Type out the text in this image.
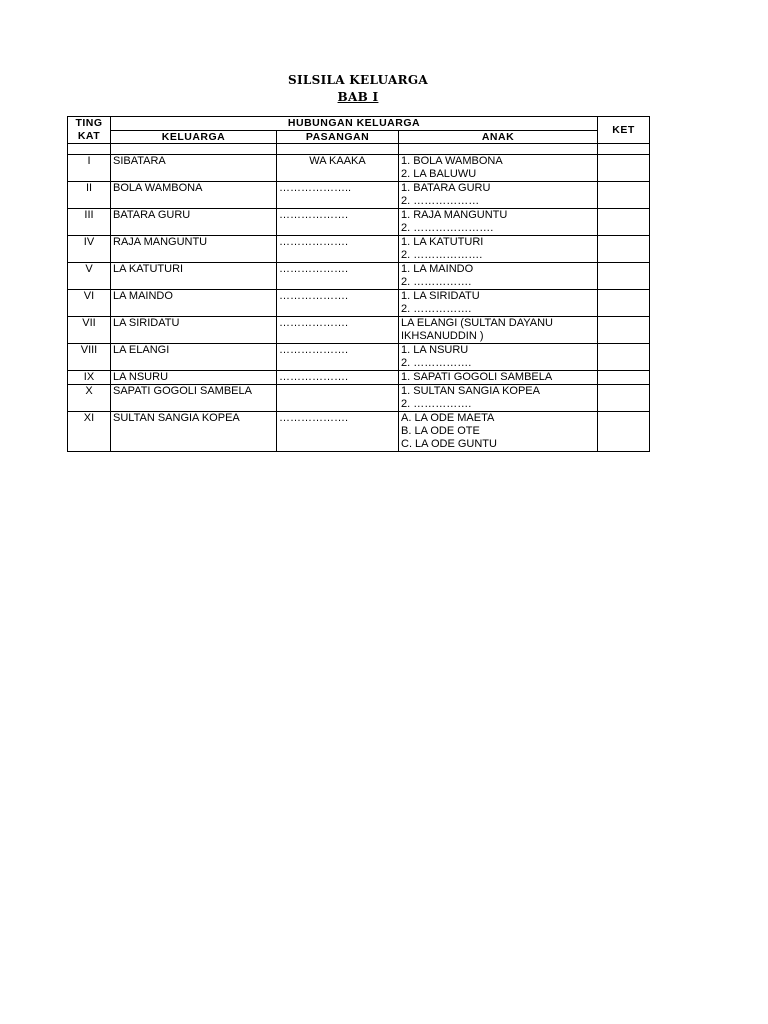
SILSILA KELUARGA
BAB I
TING
KAT	HUBUNGAN KELUARGA			KET
	KELUARGA	PASANGAN	ANAK	

I	SIBATARA	WA KAAKA	1. BOLA WAMBONA
2. LA BALUWU	

II	BOLA WAMBONA	………………..	1. BATARA GURU
2. ………………	

III	BATARA GURU	……………….	1. RAJA MANGUNTU
2. ………………….	

IV	RAJA MANGUNTU	……………….	1. LA KATUTURI
2. ……………….	

V	LA KATUTURI	……………….	1. LA MAINDO
2. …………….	

VI	LA MAINDO	……………….	1. LA SIRIDATU
2. …………….	

VII	LA SIRIDATU	……………….	LA ELANGI (SULTAN DAYANU
IKHSANUDDIN )	

VIII	LA ELANGI	……………….	1. LA NSURU
2. …………….	

IX	LA NSURU	……………….	1. SAPATI GOGOLI SAMBELA	

X	SAPATI GOGOLI SAMBELA		1. SULTAN SANGIA KOPEA
2. …………….	

XI	SULTAN SANGIA KOPEA	……………….	A. LA ODE MAETA
B. LA ODE OTE
C. LA ODE GUNTU	
